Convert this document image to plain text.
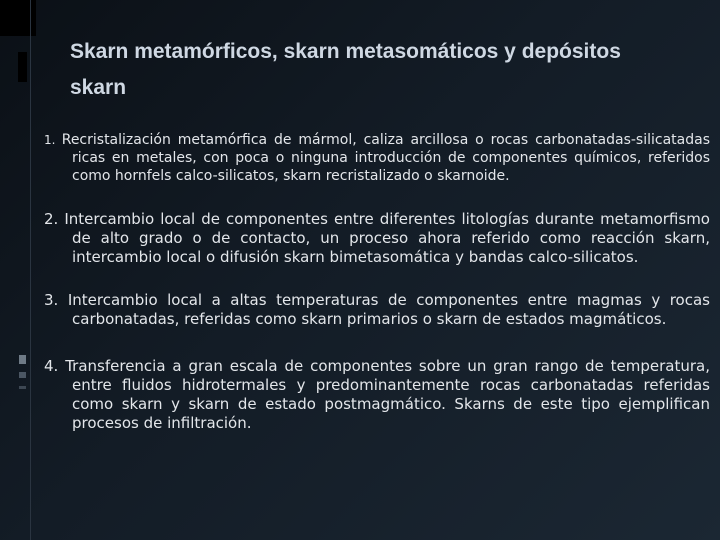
Skarn metamórficos, skarn metasomáticos y depósitos skarn
1. Recristalización metamórfica de mármol, caliza arcillosa o rocas carbonatadas-silicatadas ricas en metales, con poca o ninguna introducción de componentes químicos, referidos como hornfels calco-silicatos, skarn recristalizado o skarnoide.
2. Intercambio local de componentes entre diferentes litologías durante metamorfismo de alto grado o de contacto, un proceso ahora referido como reacción skarn, intercambio local o difusión skarn bimetasomática y bandas calco-silicatos.
3. Intercambio local a altas temperaturas de componentes entre magmas y rocas carbonatadas, referidas como skarn primarios o skarn de estados magmáticos.
4. Transferencia a gran escala de componentes sobre un gran rango de temperatura, entre fluidos hidrotermales y predominantemente rocas carbonatadas referidas como skarn y skarn de estado postmagmático. Skarns de este tipo ejemplifican procesos de infiltración.
